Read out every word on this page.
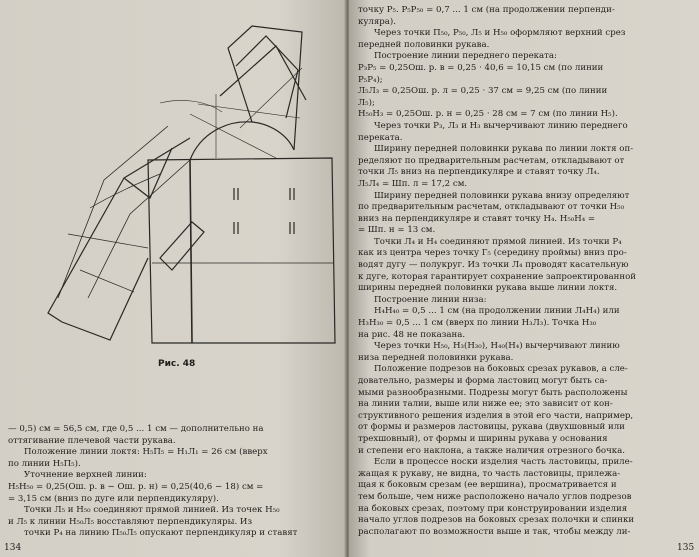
Рис. 48

— 0,5) см = 56,5 см, где 0,5 ... 1 см — дополнительно на

оттягивание плечевой части рукава.

Положение линии локтя: Н₅П₅ = Н₁Л₁ = 26 см (вверх

по линии Н₅П₅).

Уточнение верхней линии:

Н₅Н₅₀ = 0,25(Ош. р. в − Ош. р. н) = 0,25(40,6 − 18) см =

= 3,15 см (вниз по дуге или перпендикуляру).

Точки Л₅ и Н₅₀ соединяют прямой линией. Из точек Н₅₀

и Л₅ к линии Н₅₀Л₅ восставляют перпендикуляры. Из

точки Р₄ на линию П₅₀Л₅ опускают перпендикуляр и ставят

134

точку Р₅. Р₅Р₅₀ = 0,7 ... 1 см (на продолжении перпенди-

куляра).

Через точки П₅₀, Р₅₀, Л₅ и Н₅₀ оформляют верхний срез

передней половинки рукава.

Построение линии переднего переката:

Р₃Р₅ = 0,25Ош. р. в = 0,25 · 40,6 = 10,15 см (по линии

Р₅Р₄);

Л₅Л₃ = 0,25Ош. р. л = 0,25 · 37 см = 9,25 см (по линии

Л₅);

Н₅₀Н₃ = 0,25Ош. р. н = 0,25 · 28 см = 7 см (по линии Н₅).

Через точки Р₃, Л₃ и Н₃ вычерчивают линию переднего

переката.

Ширину передней половинки рукава по линии локтя оп-

ределяют по предварительным расчетам, откладывают от

точки Л₅ вниз на перпендикуляре и ставят точку Л₄.

Л₅Л₄ = Шп. л = 17,2 см.

Ширину передней половинки рукава внизу определяют

по предварительным расчетам, откладывают от точки Н₅₀

вниз на перпендикуляре и ставят точку Н₄. Н₅₀Н₄ =

= Шп. н = 13 см.

Точки Л₄ и Н₄ соединяют прямой линией. Из точки Р₄

как из центра через точку Г₅ (середину проймы) вниз про-

водят дугу — полукруг. Из точки Л₄ проводят касательную

к дуге, которая гарантирует сохранение запроектированной

ширины передней половинки рукава выше линии локтя.

Построение линии низа:

Н₄Н₄₀ = 0,5 ... 1 см (на продолжении линии Л₄Н₄) или

Н₃Н₃₀ = 0,5 ... 1 см (вверх по линии Н₃Л₃). Точка Н₃₀

на рис. 48 не показана.

Через точки Н₅₀, Н₃(Н₃₀), Н₄₀(Н₄) вычерчивают линию

низа передней половинки рукава.

Положение подрезов на боковых срезах рукавов, а сле-

довательно, размеры и форма ластовиц могут быть са-

мыми разнообразными. Подрезы могут быть расположены

на линии талии, выше или ниже ее; это зависит от кон-

структивного решения изделия в этой его части, например,

от формы и размеров ластовицы, рукава (двухшовный или

трехшовный), от формы и ширины рукава у основания

и степени его наклона, а также наличия отрезного бочка.

Если в процессе носки изделия часть ластовицы, приле-

жащая к рукаву, не видна, то часть ластовицы, прилежа-

щая к боковым срезам (ее вершина), просматривается и

тем больше, чем ниже расположено начало углов подрезов

на боковых срезах, поэтому при конструировании изделия

начало углов подрезов на боковых срезах полочки и спинки

располагают по возможности выше и так, чтобы между ли-

135
